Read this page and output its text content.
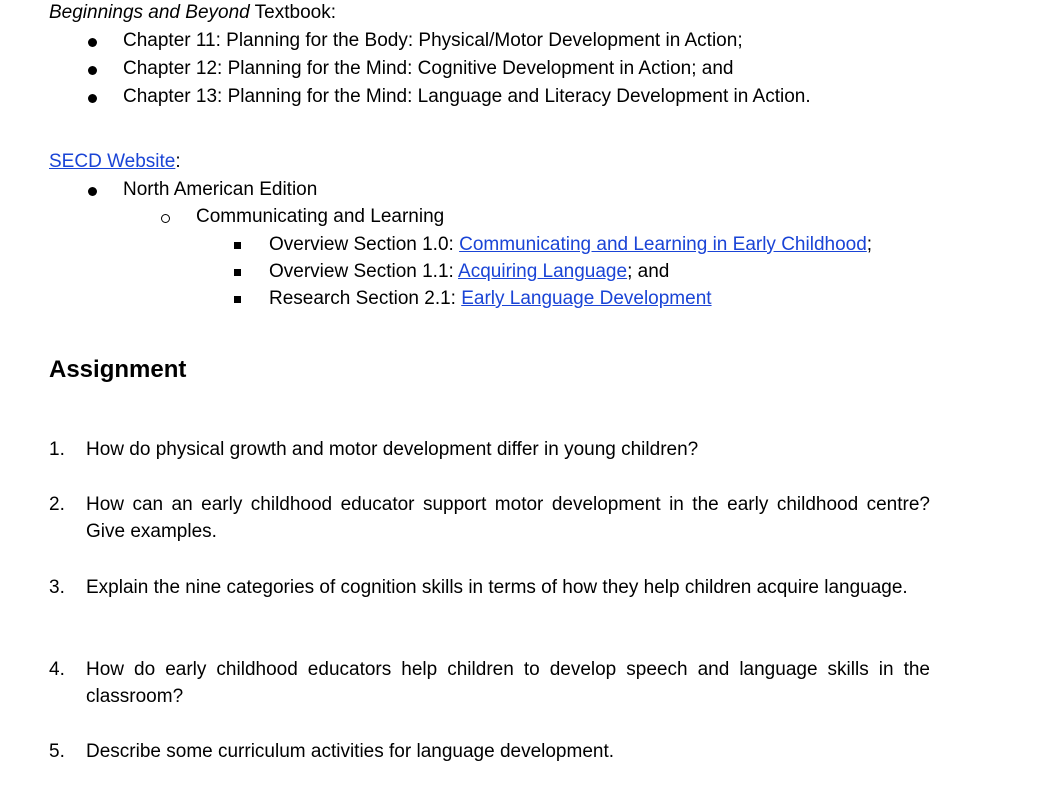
Beginnings and Beyond Textbook:
Chapter 11: Planning for the Body: Physical/Motor Development in Action;
Chapter 12: Planning for the Mind: Cognitive Development in Action; and
Chapter 13: Planning for the Mind: Language and Literacy Development in Action.
SECD Website:
North American Edition
Communicating and Learning
Overview Section 1.0: Communicating and Learning in Early Childhood;
Overview Section 1.1: Acquiring Language; and
Research Section 2.1: Early Language Development
Assignment
1. How do physical growth and motor development differ in young children?
2. How can an early childhood educator support motor development in the early childhood centre? Give examples.
3. Explain the nine categories of cognition skills in terms of how they help children acquire language.
4. How do early childhood educators help children to develop speech and language skills in the classroom?
5. Describe some curriculum activities for language development.
